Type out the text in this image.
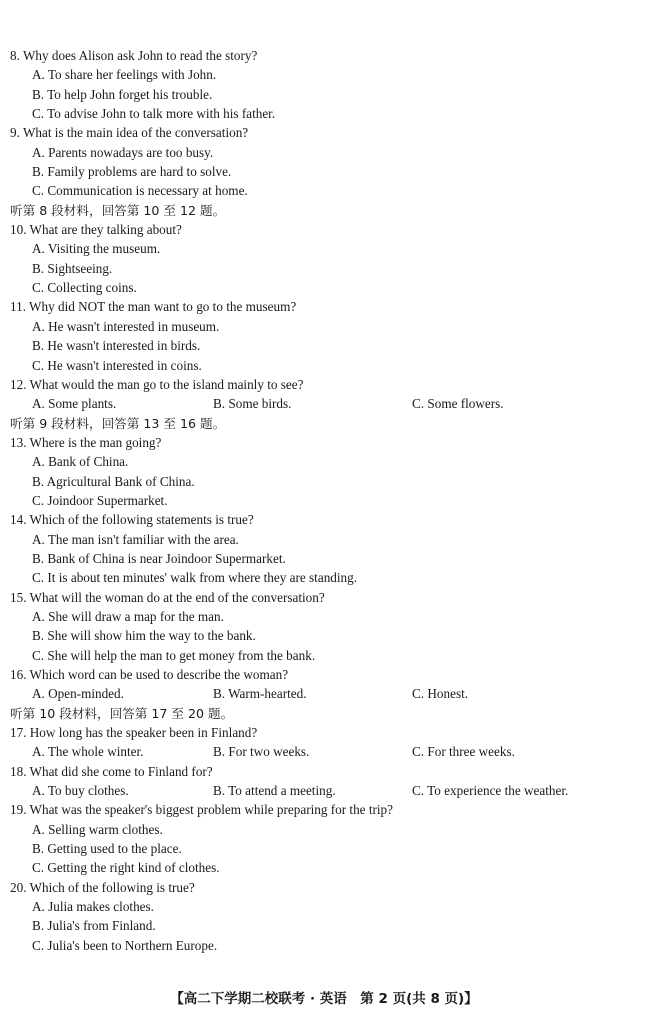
8. Why does Alison ask John to read the story?
A. To share her feelings with John.
B. To help John forget his trouble.
C. To advise John to talk more with his father.
9. What is the main idea of the conversation?
A. Parents nowadays are too busy.
B. Family problems are hard to solve.
C. Communication is necessary at home.
听第 8 段材料，回答第 10 至 12 题。
10. What are they talking about?
A. Visiting the museum.
B. Sightseeing.
C. Collecting coins.
11. Why did NOT the man want to go to the museum?
A. He wasn't interested in museum.
B. He wasn't interested in birds.
C. He wasn't interested in coins.
12. What would the man go to the island mainly to see?
A. Some plants.	B. Some birds.	C. Some flowers.
听第 9 段材料，回答第 13 至 16 题。
13. Where is the man going?
A. Bank of China.
B. Agricultural Bank of China.
C. Joindoor Supermarket.
14. Which of the following statements is true?
A. The man isn't familiar with the area.
B. Bank of China is near Joindoor Supermarket.
C. It is about ten minutes' walk from where they are standing.
15. What will the woman do at the end of the conversation?
A. She will draw a map for the man.
B. She will show him the way to the bank.
C. She will help the man to get money from the bank.
16. Which word can be used to describe the woman?
A. Open-minded.	B. Warm-hearted.	C. Honest.
听第 10 段材料，回答第 17 至 20 题。
17. How long has the speaker been in Finland?
A. The whole winter.	B. For two weeks.	C. For three weeks.
18. What did she come to Finland for?
A. To buy clothes.	B. To attend a meeting.	C. To experience the weather.
19. What was the speaker's biggest problem while preparing for the trip?
A. Selling warm clothes.
B. Getting used to the place.
C. Getting the right kind of clothes.
20. Which of the following is true?
A. Julia makes clothes.
B. Julia's from Finland.
C. Julia's been to Northern Europe.
【高二下学期二校联考 · 英语　第 2 页(共 8 页)】
